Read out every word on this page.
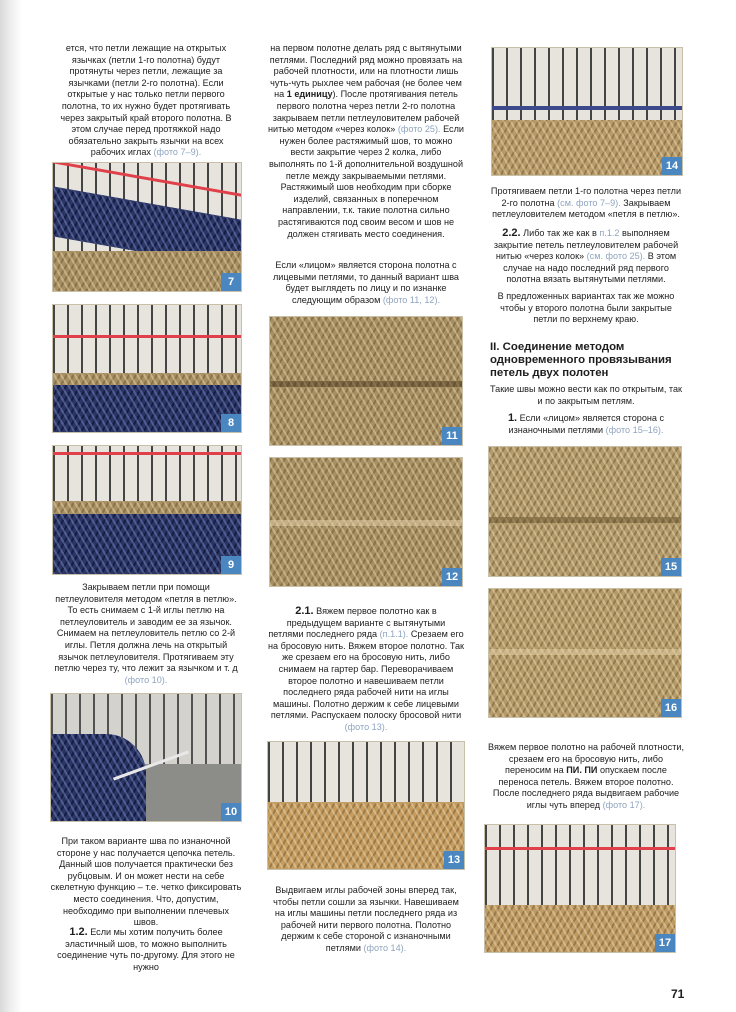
ется, что петли лежащие на открытых язычках (петли 1-го полотна) будут протянуты через петли, лежащие за язычками (петли 2-го полотна). Если открытые у нас только петли первого полотна, то их нужно будет протягивать через закрытый край второго полотна. В этом случае перед протяжкой надо обязательно закрыть язычки на всех рабочих иглах (фото 7–9).

7
8
9

Закрываем петли при помощи петлеуловителя методом «петля в петлю». То есть снимаем с 1-й иглы петлю на петлеуловитель и заводим ее за язычок. Снимаем на петлеуловитель петлю со 2-й иглы. Петля должна лечь на открытый язычок петлеуловителя. Протягиваем эту петлю через ту, что лежит за язычком и т. д (фото 10).

10

При таком варианте шва по изнаночной стороне у нас получается цепочка петель. Данный шов получается практически без рубцовым. И он может нести на себе скелетную функцию – т.е. четко фиксировать место соединения. Что, допустим, необходимо при выполнении плечевых швов.

1.2. Если мы хотим получить более эластичный шов, то можно выполнить соединение чуть по-другому. Для этого не нужно

на первом полотне делать ряд с вытянутыми петлями. Последний ряд можно провязать на рабочей плотности, или на плотности лишь чуть-чуть рыхлее чем рабочая (не более чем на 1 единицу). После протягивания петель первого полотна через петли 2-го полотна закрываем петли петлеуловителем рабочей нитью методом «через колок» (фото 25). Если нужен более растяжимый шов, то можно вести закрытие через 2 колка, либо выполнять по 1-й дополнительной воздушной петле между закрываемыми петлями. Растяжимый шов необходим при сборке изделий, связанных в поперечном направлении, т.к. такие полотна сильно растягиваются под своим весом и шов не должен стягивать место соединения.

Если «лицом» является сторона полотна с лицевыми петлями, то данный вариант шва будет выглядеть по лицу и по изнанке следующим образом (фото 11, 12).

11
12

2.1. Вяжем первое полотно как в предыдущем варианте с вытянутыми петлями последнего ряда (п.1.1). Срезаем его на бросовую нить. Вяжем второе полотно. Так же срезаем его на бросовую нить, либо снимаем на гартер бар. Переворачиваем второе полотно и навешиваем петли последнего ряда рабочей нити на иглы машины. Полотно держим к себе лицевыми петлями. Распускаем полоску бросовой нити (фото 13).

13

Выдвигаем иглы рабочей зоны вперед так, чтобы петли сошли за язычки. Навешиваем на иглы машины петли последнего ряда из рабочей нити первого полотна. Полотно держим к себе стороной с изнаночными петлями (фото 14).

14

Протягиваем петли 1-го полотна через петли 2-го полотна (см. фото 7–9). Закрываем петлеуловителем методом «петля в петлю».

2.2. Либо так же как в п.1.2 выполняем закрытие петель петлеуловителем рабочей нитью «через колок» (см. фото 25). В этом случае на надо последний ряд первого полотна вязать вытянутыми петлями.

В предложенных вариантах так же можно чтобы у второго полотна были закрытые петли по верхнему краю.

II. Соединение методом одновременного провязывания петель двух полотен

Такие швы можно вести как по открытым, так и по закрытым петлям.

1. Если «лицом» является сторона с изнаночными петлями (фото 15–16).

15
16

Вяжем первое полотно на рабочей плотности, срезаем его на бросовую нить, либо переносим на ПИ. ПИ опускаем после переноса петель. Вяжем второе полотно. После последнего ряда выдвигаем рабочие иглы чуть вперед (фото 17).

17
71
